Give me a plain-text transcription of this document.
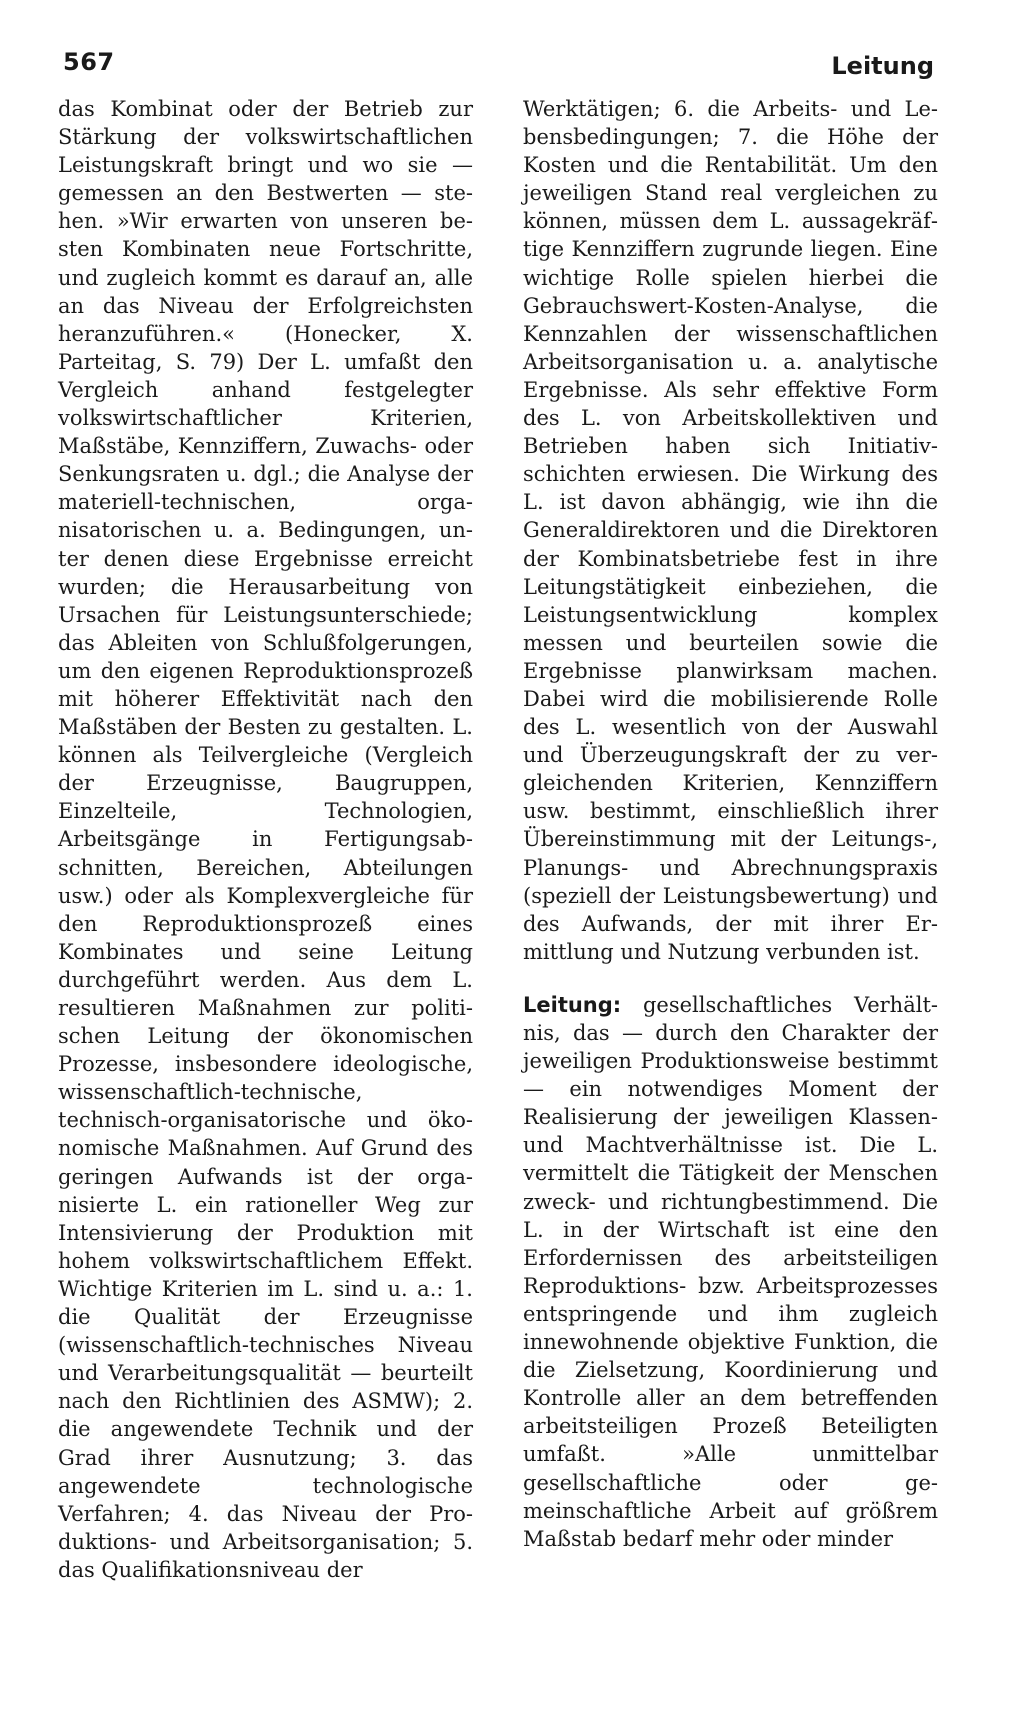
567	Leitung

das Kombinat oder der Betrieb zur Stärkung der volkswirtschaftlichen Leistungskraft bringt und wo sie — gemessen an den Bestwerten — stehen. »Wir erwarten von unseren besten Kombinaten neue Fortschritte, und zugleich kommt es darauf an, alle an das Niveau der Erfolgreichsten heranzuführen.« (Honecker, X. Parteitag, S. 79) Der L. umfaßt den Vergleich anhand festgelegter volkswirtschaftlicher Kriterien, Maßstäbe, Kennziffern, Zuwachs- oder Senkungsraten u. dgl.; die Analyse der materiell-technischen, organisatorischen u. a. Bedingungen, unter denen diese Ergebnisse erreicht wurden; die Herausarbeitung von Ursachen für Leistungsunterschiede; das Ableiten von Schlußfolgerungen, um den eigenen Reproduktionsprozeß mit höherer Effektivität nach den Maßstäben der Besten zu gestalten. L. können als Teilvergleiche (Vergleich der Erzeugnisse, Baugruppen, Einzelteile, Technologien, Arbeitsgänge in Fertigungsabschnitten, Bereichen, Abteilungen usw.) oder als Komplexvergleiche für den Reproduktionsprozeß eines Kombinates und seine Leitung durchgeführt werden. Aus dem L. resultieren Maßnahmen zur politischen Leitung der ökonomischen Prozesse, insbesondere ideologische, wissenschaftlich-technische, technisch-organisatorische und ökonomische Maßnahmen. Auf Grund des geringen Aufwands ist der organisierte L. ein rationeller Weg zur Intensivierung der Produktion mit hohem volkswirtschaftlichem Effekt. Wichtige Kriterien im L. sind u. a.: 1. die Qualität der Erzeugnisse (wissenschaftlich-technisches Niveau und Verarbeitungsqualität — beurteilt nach den Richtlinien des ASMW); 2. die angewendete Technik und der Grad ihrer Ausnutzung; 3. das angewendete technologische Verfahren; 4. das Niveau der Produktions- und Arbeitsorganisation; 5. das Qualifikationsniveau der

Werktätigen; 6. die Arbeits- und Lebensbedingungen; 7. die Höhe der Kosten und die Rentabilität. Um den jeweiligen Stand real vergleichen zu können, müssen dem L. aussagekräftige Kennziffern zugrunde liegen. Eine wichtige Rolle spielen hierbei die Gebrauchswert-Kosten-Analyse, die Kennzahlen der wissenschaftlichen Arbeitsorganisation u. a. analytische Ergebnisse. Als sehr effektive Form des L. von Arbeitskollektiven und Betrieben haben sich Initiativschichten erwiesen. Die Wirkung des L. ist davon abhängig, wie ihn die Generaldirektoren und die Direktoren der Kombinatsbetriebe fest in ihre Leitungstätigkeit einbeziehen, die Leistungsentwicklung komplex messen und beurteilen sowie die Ergebnisse planwirksam machen. Dabei wird die mobilisierende Rolle des L. wesentlich von der Auswahl und Überzeugungskraft der zu vergleichenden Kriterien, Kennziffern usw. bestimmt, einschließlich ihrer Übereinstimmung mit der Leitungs-, Planungs- und Abrechnungspraxis (speziell der Leistungsbewertung) und des Aufwands, der mit ihrer Ermittlung und Nutzung verbunden ist.

Leitung: gesellschaftliches Verhältnis, das — durch den Charakter der jeweiligen Produktionsweise bestimmt — ein notwendiges Moment der Realisierung der jeweiligen Klassen- und Machtverhältnisse ist. Die L. vermittelt die Tätigkeit der Menschen zweck- und richtungbestimmend. Die L. in der Wirtschaft ist eine den Erfordernissen des arbeitsteiligen Reproduktions- bzw. Arbeitsprozesses entspringende und ihm zugleich innewohnende objektive Funktion, die die Zielsetzung, Koordinierung und Kontrolle aller an dem betreffenden arbeitsteiligen Prozeß Beteiligten umfaßt. »Alle unmittelbar gesellschaftliche oder gemeinschaftliche Arbeit auf größrem Maßstab bedarf mehr oder minder
